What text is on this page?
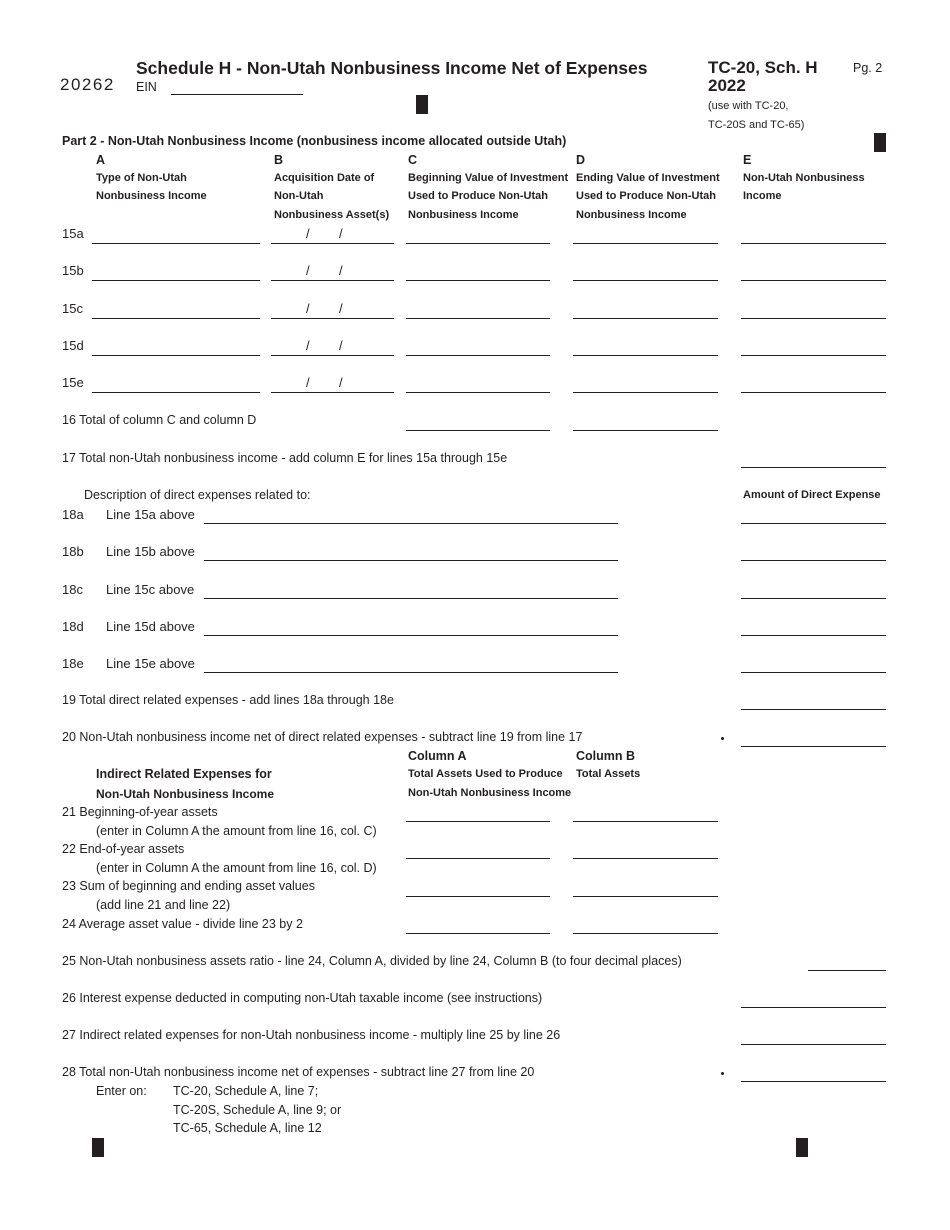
20262
Schedule H - Non-Utah Nonbusiness Income Net of Expenses
EIN
TC-20, Sch. H
2022
Pg. 2
(use with TC-20,
TC-20S and TC-65)
Part 2 - Non-Utah Nonbusiness Income (nonbusiness income allocated outside Utah)
A
Type of Non-Utah
Nonbusiness Income
B
Acquisition Date of
Non-Utah
Nonbusiness Asset(s)
C
Beginning Value of Investment
Used to Produce Non-Utah
Nonbusiness Income
D
Ending Value of Investment
Used to Produce Non-Utah
Nonbusiness Income
E
Non-Utah Nonbusiness
Income
15a	/ /
15b	/ /
15c	/ /
15d	/ /
15e	/ /
16 Total of column C and column D
17 Total non-Utah nonbusiness income - add column E for lines 15a through 15e
Description of direct expenses related to:	Amount of Direct Expense
18a Line 15a above
18b Line 15b above
18c Line 15c above
18d Line 15d above
18e Line 15e above
19 Total direct related expenses - add lines 18a through 18e
20 Non-Utah nonbusiness income net of direct related expenses - subtract line 19 from line 17
Column A
Total Assets Used to Produce
Non-Utah Nonbusiness Income
Column B
Total Assets
Indirect Related Expenses for
Non-Utah Nonbusiness Income
21 Beginning-of-year assets
(enter in Column A the amount from line 16, col. C)
22 End-of-year assets
(enter in Column A the amount from line 16, col. D)
23 Sum of beginning and ending asset values
(add line 21 and line 22)
24 Average asset value - divide line 23 by 2
25 Non-Utah nonbusiness assets ratio - line 24, Column A, divided by line 24, Column B (to four decimal places)
26 Interest expense deducted in computing non-Utah taxable income (see instructions)
27 Indirect related expenses for non-Utah nonbusiness income - multiply line 25 by line 26
28 Total non-Utah nonbusiness income net of expenses - subtract line 27 from line 20
Enter on: TC-20, Schedule A, line 7;
TC-20S, Schedule A, line 9; or
TC-65, Schedule A, line 12
